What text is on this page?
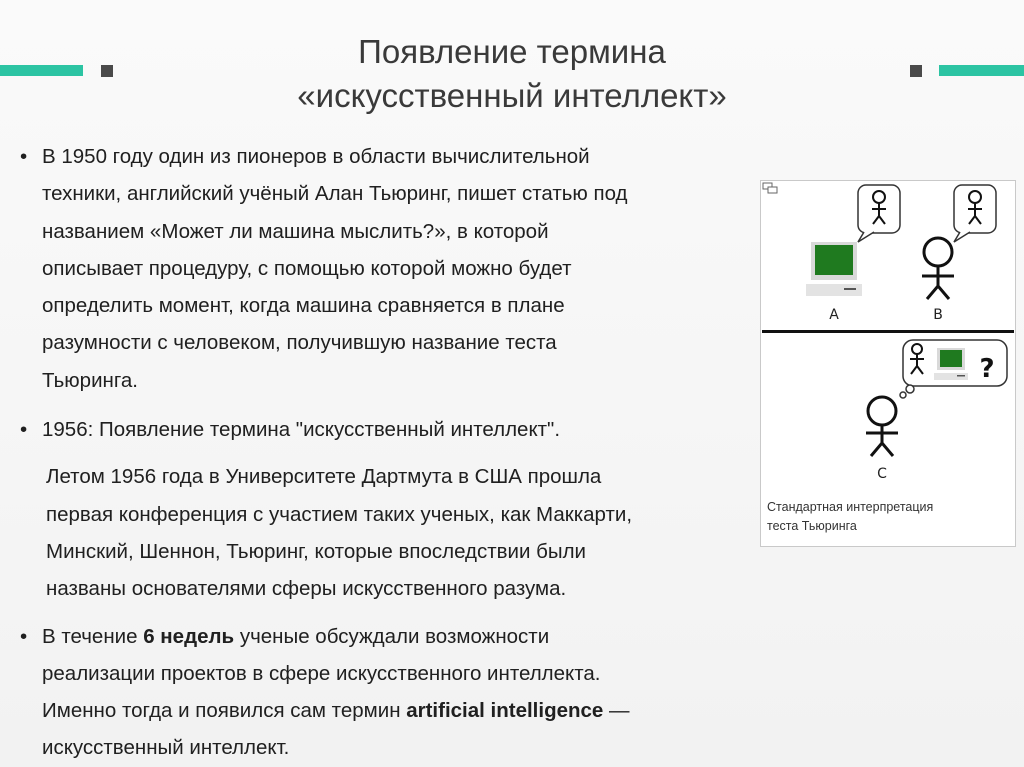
Появление термина
«искусственный интеллект»
• В 1950 году один из пионеров в области вычислительной
техники, английский учёный Алан Тьюринг, пишет статью под
названием «Может ли машина мыслить?», в которой
описывает процедуру, с помощью которой можно будет
определить момент, когда машина сравняется в плане
разумности с человеком, получившую название теста
Тьюринга.
• 1956: Появление термина "искусственный интеллект".
Летом 1956 года в Университете Дартмута в США прошла
первая конференция с участием таких ученых, как Маккарти,
Минский, Шеннон, Тьюринг, которые впоследствии были
названы основателями сферы искусственного разума.
• В течение 6 недель ученые обсуждали возможности
реализации проектов в сфере искусственного интеллекта.
Именно тогда и появился сам термин artificial intelligence —
искусственный интеллект.
A	B
?
C
Стандартная интерпретация
теста Тьюринга
